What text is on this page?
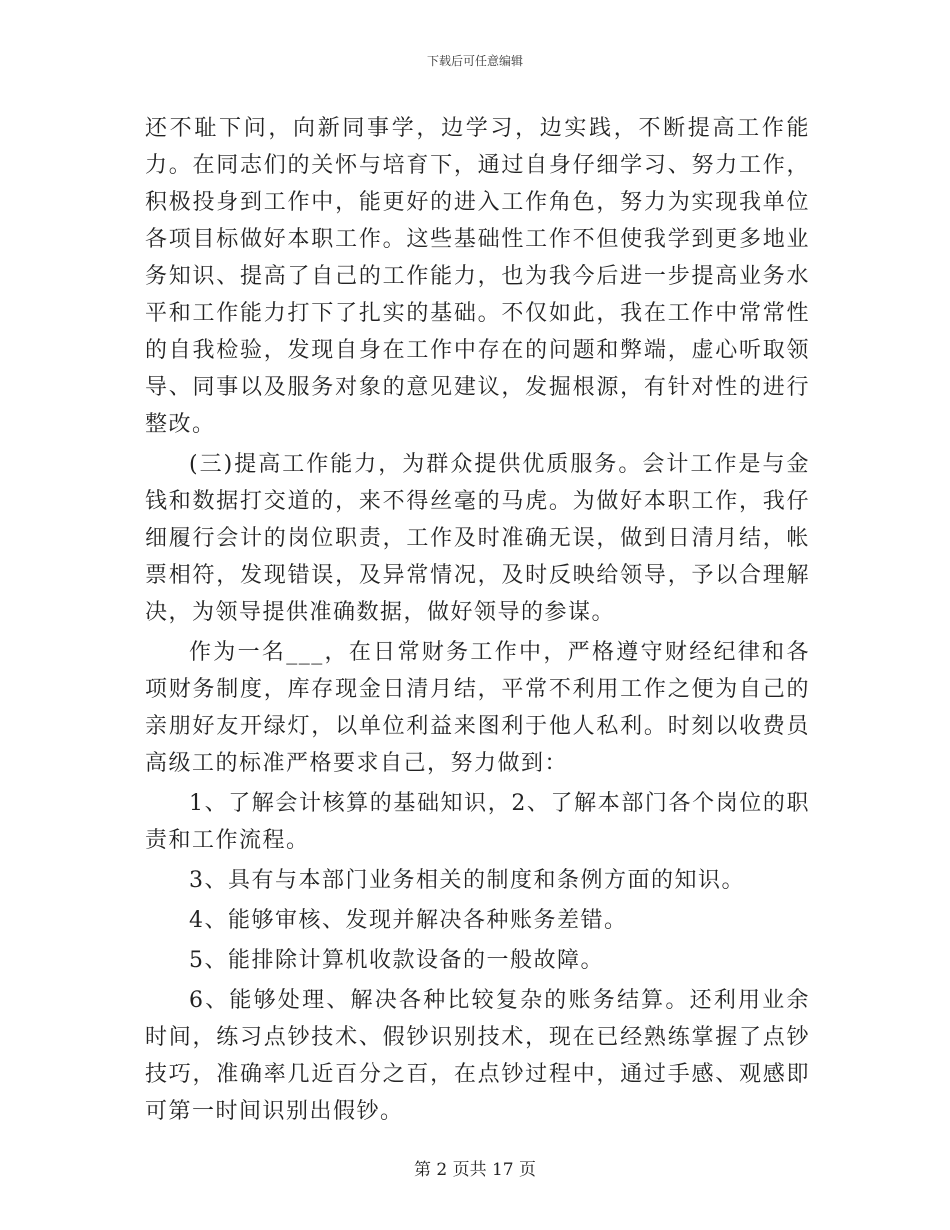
下载后可任意编辑

还不耻下问，向新同事学，边学习，边实践，不断提高工作能力。在同志们的关怀与培育下，通过自身仔细学习、努力工作，积极投身到工作中，能更好的进入工作角色，努力为实现我单位各项目标做好本职工作。这些基础性工作不但使我学到更多地业务知识、提高了自己的工作能力，也为我今后进一步提高业务水平和工作能力打下了扎实的基础。不仅如此，我在工作中常常性的自我检验，发现自身在工作中存在的问题和弊端，虚心听取领导、同事以及服务对象的意见建议，发掘根源，有针对性的进行整改。

(三)提高工作能力，为群众提供优质服务。会计工作是与金钱和数据打交道的，来不得丝毫的马虎。为做好本职工作，我仔细履行会计的岗位职责，工作及时准确无误，做到日清月结，帐票相符，发现错误，及异常情况，及时反映给领导，予以合理解决，为领导提供准确数据，做好领导的参谋。

作为一名___，在日常财务工作中，严格遵守财经纪律和各项财务制度，库存现金日清月结，平常不利用工作之便为自己的亲朋好友开绿灯，以单位利益来图利于他人私利。时刻以收费员高级工的标准严格要求自己，努力做到：

1、了解会计核算的基础知识，2、了解本部门各个岗位的职责和工作流程。

3、具有与本部门业务相关的制度和条例方面的知识。

4、能够审核、发现并解决各种账务差错。

5、能排除计算机收款设备的一般故障。

6、能够处理、解决各种比较复杂的账务结算。还利用业余时间，练习点钞技术、假钞识别技术，现在已经熟练掌握了点钞技巧，准确率几近百分之百，在点钞过程中，通过手感、观感即可第一时间识别出假钞。

第 2 页共 17 页
